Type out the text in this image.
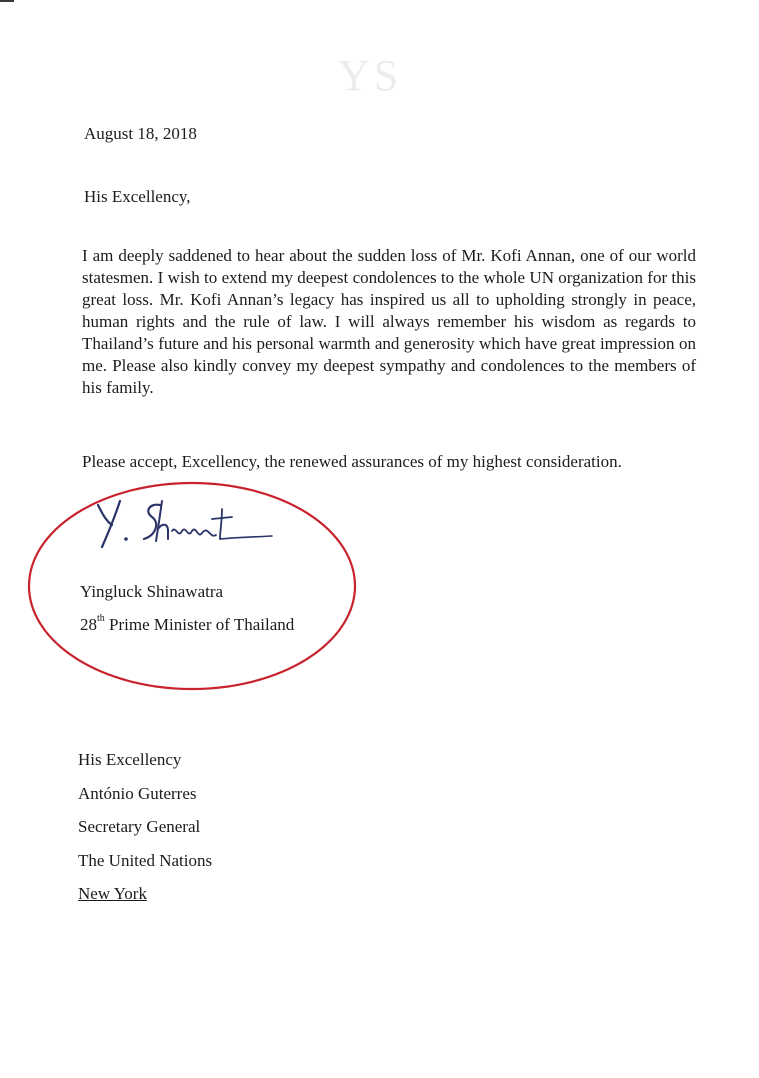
YS
August 18, 2018
His Excellency,

I am deeply saddened to hear about the sudden loss of Mr. Kofi Annan, one of our world statesmen. I wish to extend my deepest condolences to the whole UN organization for this great loss. Mr. Kofi Annan’s legacy has inspired us all to upholding strongly in peace, human rights and the rule of law. I will always remember his wisdom as regards to Thailand’s future and his personal warmth and generosity which have great impression on me. Please also kindly convey my deepest sympathy and condolences to the members of his family.

Please accept, Excellency, the renewed assurances of my highest consideration.
Yingluck Shinawatra
28th Prime Minister of Thailand
His Excellency
António Guterres
Secretary General
The United Nations
New York
